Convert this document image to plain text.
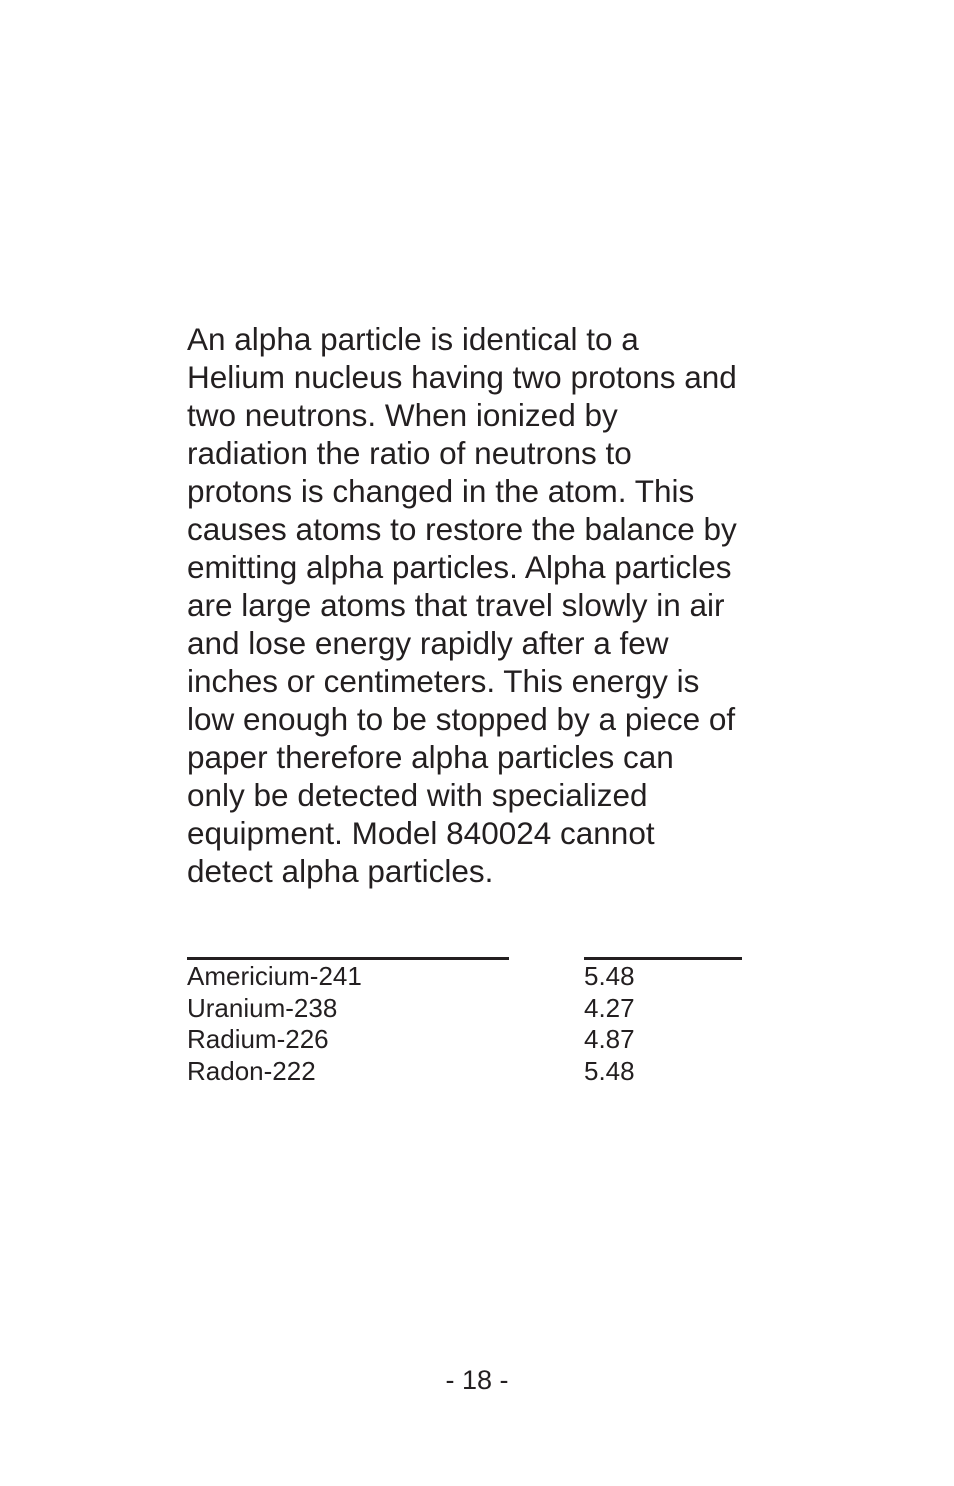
An alpha particle is identical to a
Helium nucleus having two protons and
two neutrons. When ionized by
radiation the ratio of neutrons to
protons is changed in the atom. This
causes atoms to restore the balance by
emitting alpha particles. Alpha particles
are large atoms that travel slowly in air
and lose energy rapidly after a few
inches or centimeters. This energy is
low enough to be stopped by a piece of
paper therefore alpha particles can
only be detected with specialized
equipment. Model 840024 cannot
detect alpha particles.

Americium-241	5.48
Uranium-238	4.27
Radium-226	4.87
Radon-222	5.48
- 18 -
